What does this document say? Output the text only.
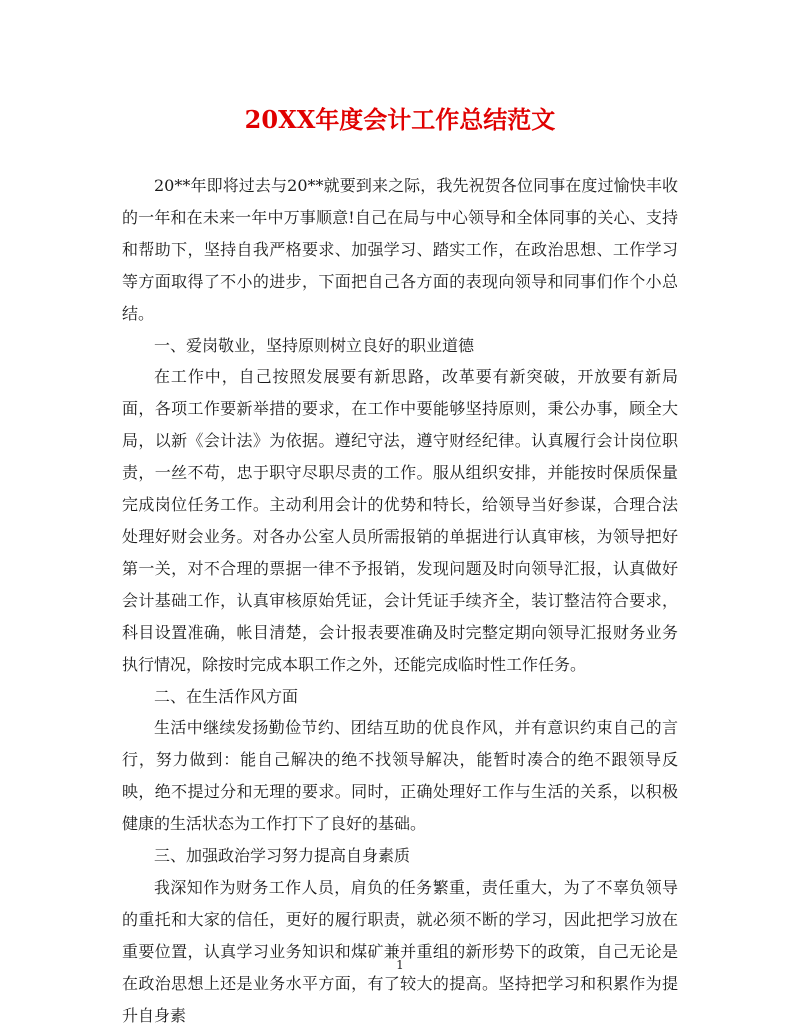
20XX年度会计工作总结范文

20**年即将过去与20**就要到来之际，我先祝贺各位同事在度过愉快丰收的一年和在未来一年中万事顺意!自己在局与中心领导和全体同事的关心、支持和帮助下，坚持自我严格要求、加强学习、踏实工作，在政治思想、工作学习等方面取得了不小的进步，下面把自己各方面的表现向领导和同事们作个小总结。

一、爱岗敬业，坚持原则树立良好的职业道德

在工作中，自己按照发展要有新思路，改革要有新突破，开放要有新局面，各项工作要新举措的要求，在工作中要能够坚持原则，秉公办事，顾全大局，以新《会计法》为依据。遵纪守法，遵守财经纪律。认真履行会计岗位职责，一丝不苟，忠于职守尽职尽责的工作。服从组织安排，并能按时保质保量完成岗位任务工作。主动利用会计的优势和特长，给领导当好参谋，合理合法处理好财会业务。对各办公室人员所需报销的单据进行认真审核，为领导把好第一关，对不合理的票据一律不予报销，发现问题及时向领导汇报，认真做好会计基础工作，认真审核原始凭证，会计凭证手续齐全，装订整洁符合要求，科目设置准确，帐目清楚，会计报表要准确及时完整定期向领导汇报财务业务执行情况，除按时完成本职工作之外，还能完成临时性工作任务。

二、在生活作风方面

生活中继续发扬勤俭节约、团结互助的优良作风，并有意识约束自己的言行，努力做到：能自己解决的绝不找领导解决，能暂时凑合的绝不跟领导反映，绝不提过分和无理的要求。同时，正确处理好工作与生活的关系，以积极健康的生活状态为工作打下了良好的基础。

三、加强政治学习努力提高自身素质

我深知作为财务工作人员，肩负的任务繁重，责任重大，为了不辜负领导的重托和大家的信任，更好的履行职责，就必须不断的学习，因此把学习放在重要位置，认真学习业务知识和煤矿兼并重组的新形势下的政策，自己无论是在政治思想上还是业务水平方面，有了较大的提高。坚持把学习和积累作为提升自身素

1
